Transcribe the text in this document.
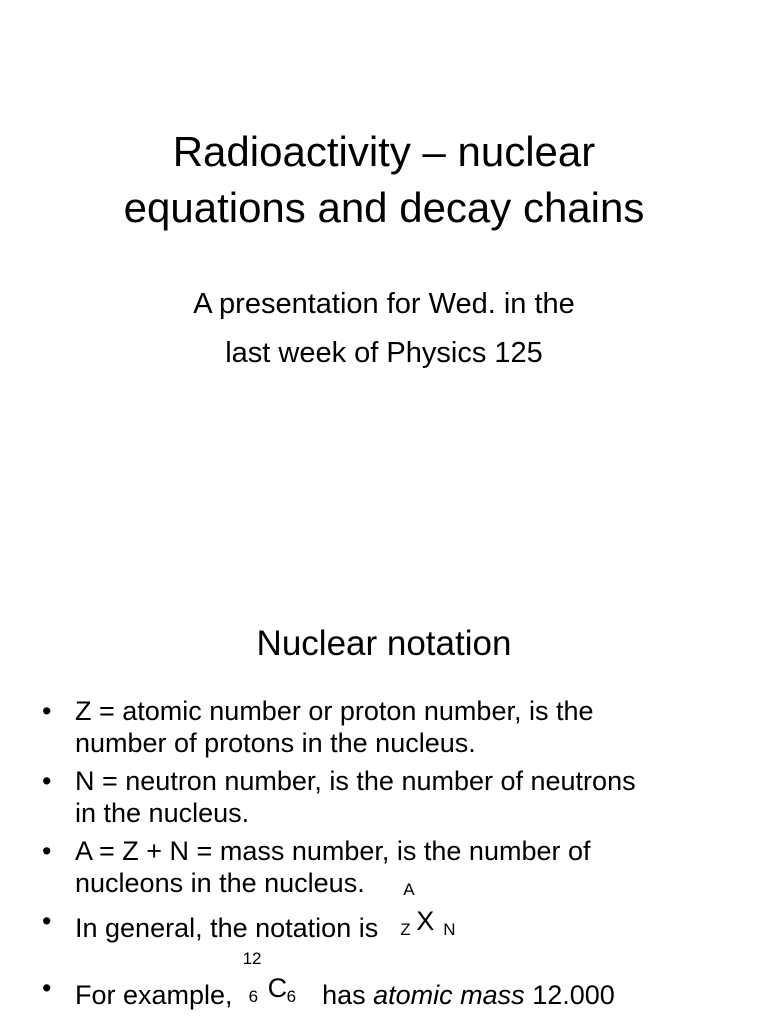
Radioactivity – nuclear
equations and decay chains
A presentation for Wed. in the
last week of Physics 125
Nuclear notation
• Z = atomic number or proton number, is the
number of protons in the nucleus.
• N = neutron number, is the number of neutrons
in the nucleus.
• A = Z + N = mass number, is the number of
nucleons in the nucleus.
• In general, the notation is
A
Z X N
• For example,
12
6 C 6 has atomic mass 12.000
